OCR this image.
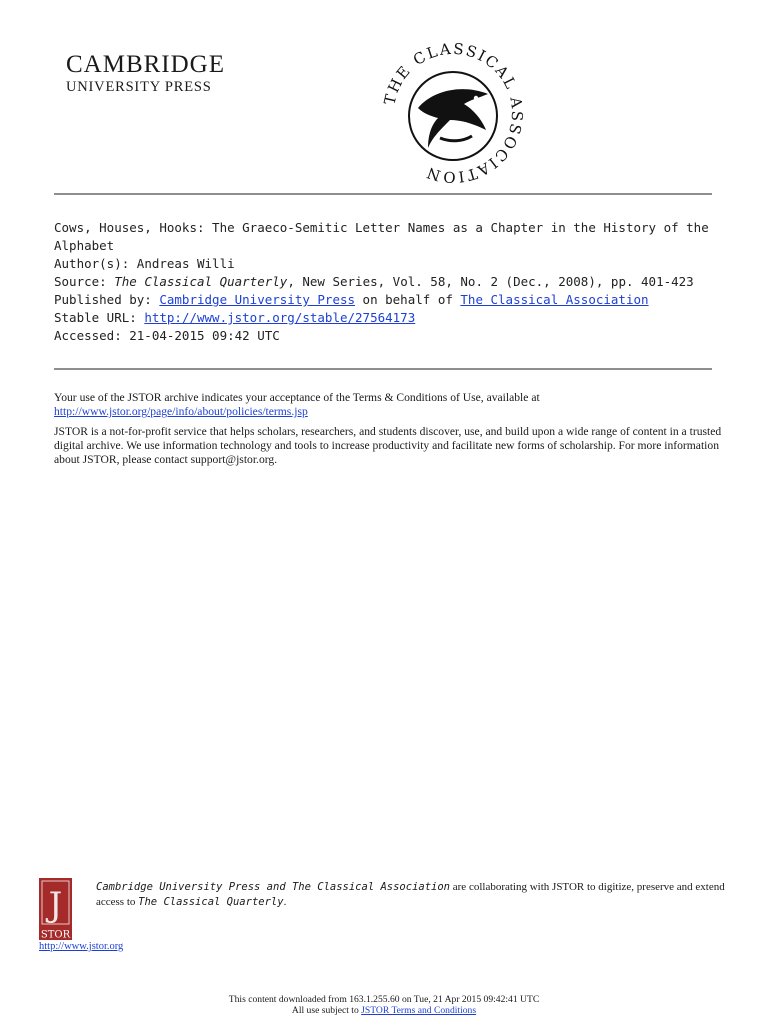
CAMBRIDGE
UNIVERSITY PRESS
THE CLASSICAL ASSOCIATION
Cows, Houses, Hooks: The Graeco-Semitic Letter Names as a Chapter in the History of the Alphabet
Author(s): Andreas Willi
Source: The Classical Quarterly, New Series, Vol. 58, No. 2 (Dec., 2008), pp. 401-423
Published by: Cambridge University Press on behalf of The Classical Association
Stable URL: http://www.jstor.org/stable/27564173
Accessed: 21-04-2015 09:42 UTC

Your use of the JSTOR archive indicates your acceptance of the Terms & Conditions of Use, available at
http://www.jstor.org/page/info/about/policies/terms.jsp

JSTOR is a not-for-profit service that helps scholars, researchers, and students discover, use, and build upon a wide range of content in a trusted digital archive. We use information technology and tools to increase productivity and facilitate new forms of scholarship. For more information about JSTOR, please contact support@jstor.org.

J
STOR
http://www.jstor.org
Cambridge University Press and The Classical Association are collaborating with JSTOR to digitize, preserve and extend access to The Classical Quarterly.
This content downloaded from 163.1.255.60 on Tue, 21 Apr 2015 09:42:41 UTC
All use subject to JSTOR Terms and Conditions
